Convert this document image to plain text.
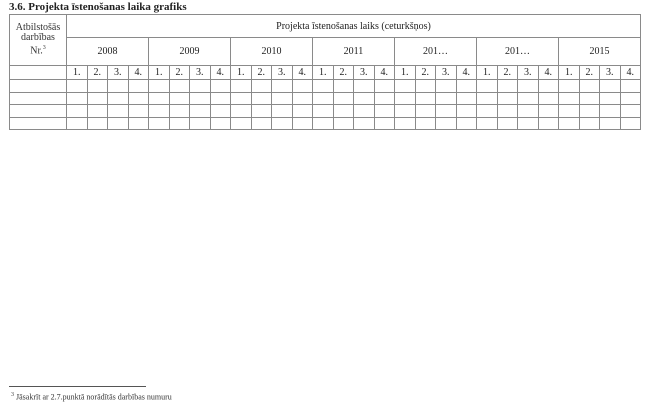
3.6. Projekta īstenošanas laika grafiks
Atbilstošās
darbības
Nr.$^3$	Projekta īstenošanas laiks (ceturkšņos)																											
	2008				2009				2010				2011				201…				201…				2015			
	1.	2.	3.	4.	1.	2.	3.	4.	1.	2.	3.	4.	1.	2.	3.	4.	1.	2.	3.	4.	1.	2.	3.	4.	1.	2.	3.	4.

$^3$ Jāsakrīt ar 2.7.punktā norādītās darbības numuru
